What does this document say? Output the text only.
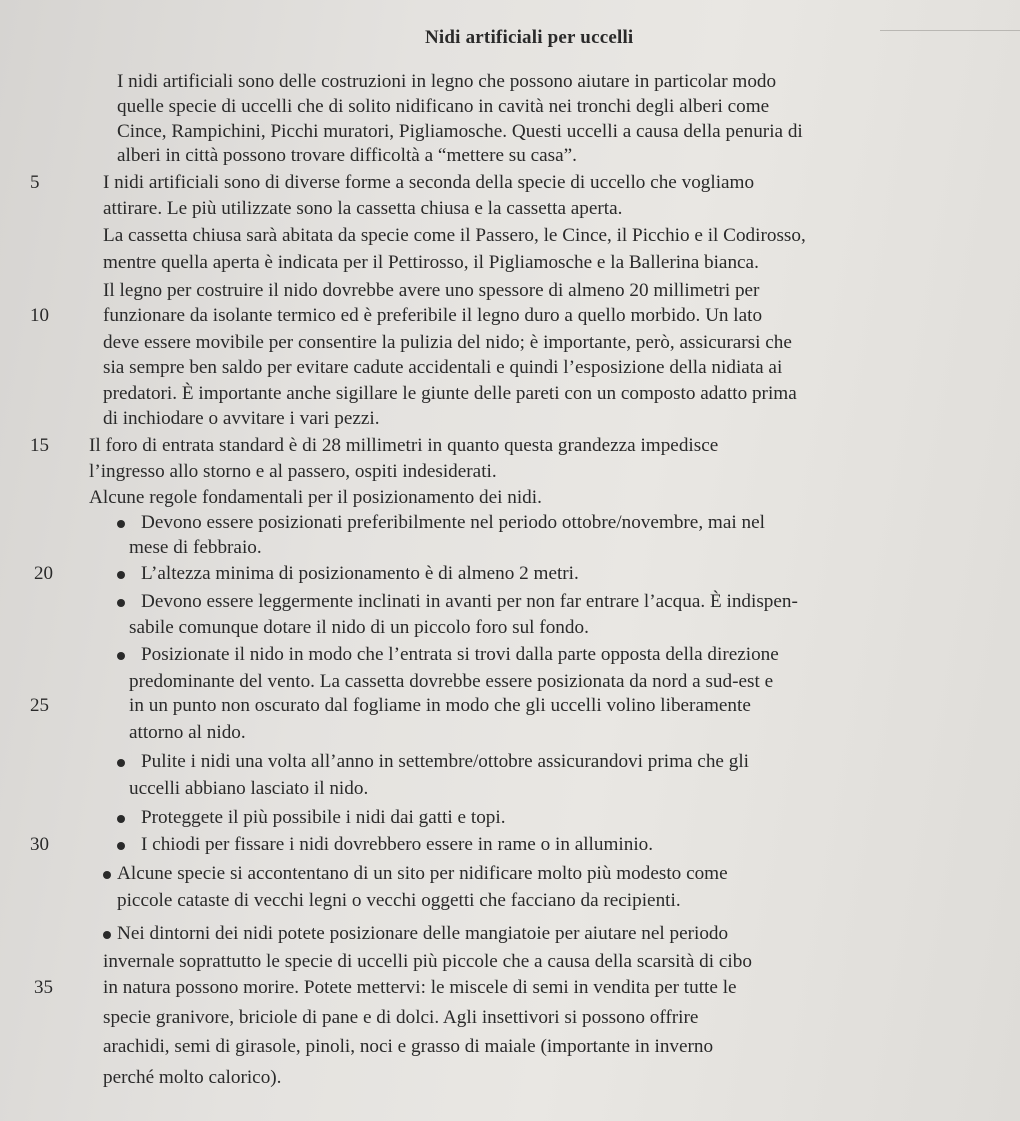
Nidi artificiali per uccelli
I nidi artificiali sono delle costruzioni in legno che possono aiutare in particolar modo
quelle specie di uccelli che di solito nidificano in cavità nei tronchi degli alberi come
Cince, Rampichini, Picchi muratori, Pigliamosche. Questi uccelli a causa della penuria di
alberi in città possono trovare difficoltà a “mettere su casa”.
5	I nidi artificiali sono di diverse forme a seconda della specie di uccello che vogliamo
attirare. Le più utilizzate sono la cassetta chiusa e la cassetta aperta.
La cassetta chiusa sarà abitata da specie come il Passero, le Cince, il Picchio e il Codirosso,
mentre quella aperta è indicata per il Pettirosso, il Pigliamosche e la Ballerina bianca.
Il legno per costruire il nido dovrebbe avere uno spessore di almeno 20 millimetri per
10	funzionare da isolante termico ed è preferibile il legno duro a quello morbido. Un lato
deve essere movibile per consentire la pulizia del nido; è importante, però, assicurarsi che
sia sempre ben saldo per evitare cadute accidentali e quindi l’esposizione della nidiata ai
predatori. È importante anche sigillare le giunte delle pareti con un composto adatto prima
di inchiodare o avvitare i vari pezzi.
15 Il foro di entrata standard è di 28 millimetri in quanto questa grandezza impedisce
l’ingresso allo storno e al passero, ospiti indesiderati.
Alcune regole fondamentali per il posizionamento dei nidi.
Devono essere posizionati preferibilmente nel periodo ottobre/novembre, mai nel
mese di febbraio.
20	L’altezza minima di posizionamento è di almeno 2 metri.
Devono essere leggermente inclinati in avanti per non far entrare l’acqua. È indispen-
sabile comunque dotare il nido di un piccolo foro sul fondo.
Posizionate il nido in modo che l’entrata si trovi dalla parte opposta della direzione
predominante del vento. La cassetta dovrebbe essere posizionata da nord a sud-est e
25	in un punto non oscurato dal fogliame in modo che gli uccelli volino liberamente
attorno al nido.
Pulite i nidi una volta all’anno in settembre/ottobre assicurandovi prima che gli
uccelli abbiano lasciato il nido.
Proteggete il più possibile i nidi dai gatti e topi.
30	I chiodi per fissare i nidi dovrebbero essere in rame o in alluminio.
Alcune specie si accontentano di un sito per nidificare molto più modesto come
piccole cataste di vecchi legni o vecchi oggetti che facciano da recipienti.
Nei dintorni dei nidi potete posizionare delle mangiatoie per aiutare nel periodo
invernale soprattutto le specie di uccelli più piccole che a causa della scarsità di cibo
35	in natura possono morire. Potete mettervi: le miscele di semi in vendita per tutte le
specie granivore, briciole di pane e di dolci. Agli insettivori si possono offrire
arachidi, semi di girasole, pinoli, noci e grasso di maiale (importante in inverno
perché molto calorico).
